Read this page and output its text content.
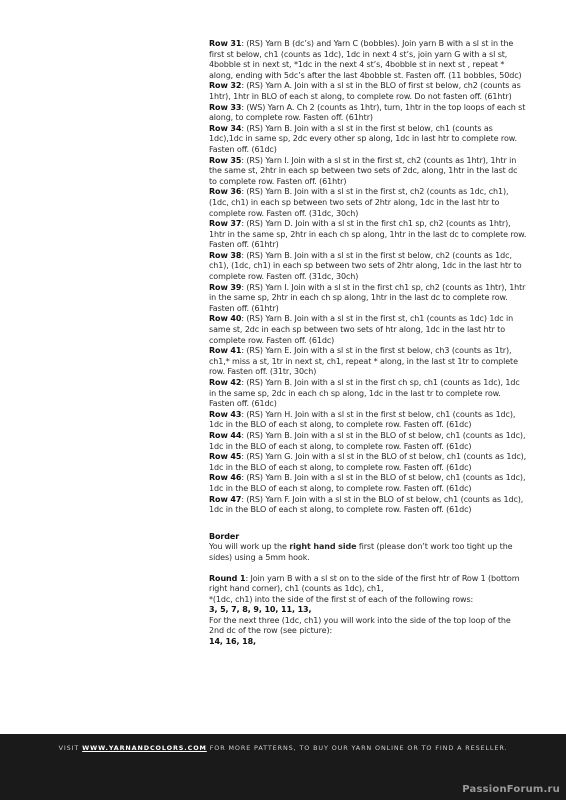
Row 31: (RS) Yarn B (dc’s) and Yarn C (bobbles). Join yarn B with a sl st in the first st below, ch1 (counts as 1dc), 1dc in next 4 st’s, join yarn G with a sl st, 4bobble st in next st, *1dc in the next 4 st’s, 4bobble st in next st , repeat * along, ending with 5dc’s after the last 4bobble st. Fasten off. (11 bobbles, 50dc)

Row 32: (RS) Yarn A. Join with a sl st in the BLO of first st below, ch2 (counts as 1htr), 1htr in BLO of each st along, to complete row. Do not fasten off. (61htr)

Row 33: (WS) Yarn A. Ch 2 (counts as 1htr), turn, 1htr in the top loops of each st along, to complete row. Fasten off. (61htr)

Row 34: (RS) Yarn B. Join with a sl st in the first st below, ch1 (counts as 1dc),1dc in same sp, 2dc every other sp along, 1dc in last htr to complete row. Fasten off. (61dc)

Row 35: (RS) Yarn I. Join with a sl st in the first st, ch2 (counts as 1htr), 1htr in the same st, 2htr in each sp between two sets of 2dc, along, 1htr in the last dc to complete row. Fasten off. (61htr)

Row 36: (RS) Yarn B. Join with a sl st in the first st, ch2 (counts as 1dc, ch1), (1dc, ch1) in each sp between two sets of 2htr along, 1dc in the last htr to complete row. Fasten off. (31dc, 30ch)

Row 37: (RS) Yarn D. Join with a sl st in the first ch1 sp, ch2 (counts as 1htr), 1htr in the same sp, 2htr in each ch sp along, 1htr in the last dc to complete row. Fasten off. (61htr)

Row 38: (RS) Yarn B. Join with a sl st in the first st below, ch2 (counts as 1dc, ch1), (1dc, ch1) in each sp between two sets of 2htr along, 1dc in the last htr to complete row. Fasten off. (31dc, 30ch)

Row 39: (RS) Yarn I. Join with a sl st in the first ch1 sp, ch2 (counts as 1htr), 1htr in the same sp, 2htr in each ch sp along, 1htr in the last dc to complete row. Fasten off. (61htr)

Row 40: (RS) Yarn B. Join with a sl st in the first st, ch1 (counts as 1dc) 1dc in same st, 2dc in each sp between two sets of htr along, 1dc in the last htr to complete row. Fasten off. (61dc)

Row 41: (RS) Yarn E. Join with a sl st in the first st below, ch3 (counts as 1tr), ch1,* miss a st, 1tr in next st, ch1, repeat * along, in the last st 1tr to complete row. Fasten off. (31tr, 30ch)

Row 42: (RS) Yarn B. Join with a sl st in the first ch sp, ch1 (counts as 1dc), 1dc in the same sp, 2dc in each ch sp along, 1dc in the last tr to complete row. Fasten off. (61dc)

Row 43: (RS) Yarn H. Join with a sl st in the first st below, ch1 (counts as 1dc), 1dc in the BLO of each st along, to complete row. Fasten off. (61dc)

Row 44: (RS) Yarn B. Join with a sl st in the BLO of st below, ch1 (counts as 1dc), 1dc in the BLO of each st along, to complete row. Fasten off. (61dc)

Row 45: (RS) Yarn G. Join with a sl st in the BLO of st below, ch1 (counts as 1dc), 1dc in the BLO of each st along, to complete row. Fasten off. (61dc)

Row 46: (RS) Yarn B. Join with a sl st in the BLO of st below, ch1 (counts as 1dc), 1dc in the BLO of each st along, to complete row. Fasten off. (61dc)

Row 47: (RS) Yarn F. Join with a sl st in the BLO of st below, ch1 (counts as 1dc), 1dc in the BLO of each st along, to complete row. Fasten off. (61dc)

Border

You will work up the right hand side first (please don’t work too tight up the sides) using a 5mm hook.

Round 1: Join yarn B with a sl st on to the side of the first htr of Row 1 (bottom right hand corner), ch1 (counts as 1dc), ch1,

*(1dc, ch1) into the side of the first st of each of the following rows:

3, 5, 7, 8, 9, 10, 11, 13,

For the next three (1dc, ch1) you will work into the side of the top loop of the 2nd dc of the row (see picture):

14, 16, 18,

VISIT WWW.YARNANDCOLORS.COM FOR MORE PATTERNS, TO BUY OUR YARN ONLINE OR TO FIND A RESELLER.
PassionForum.ru
